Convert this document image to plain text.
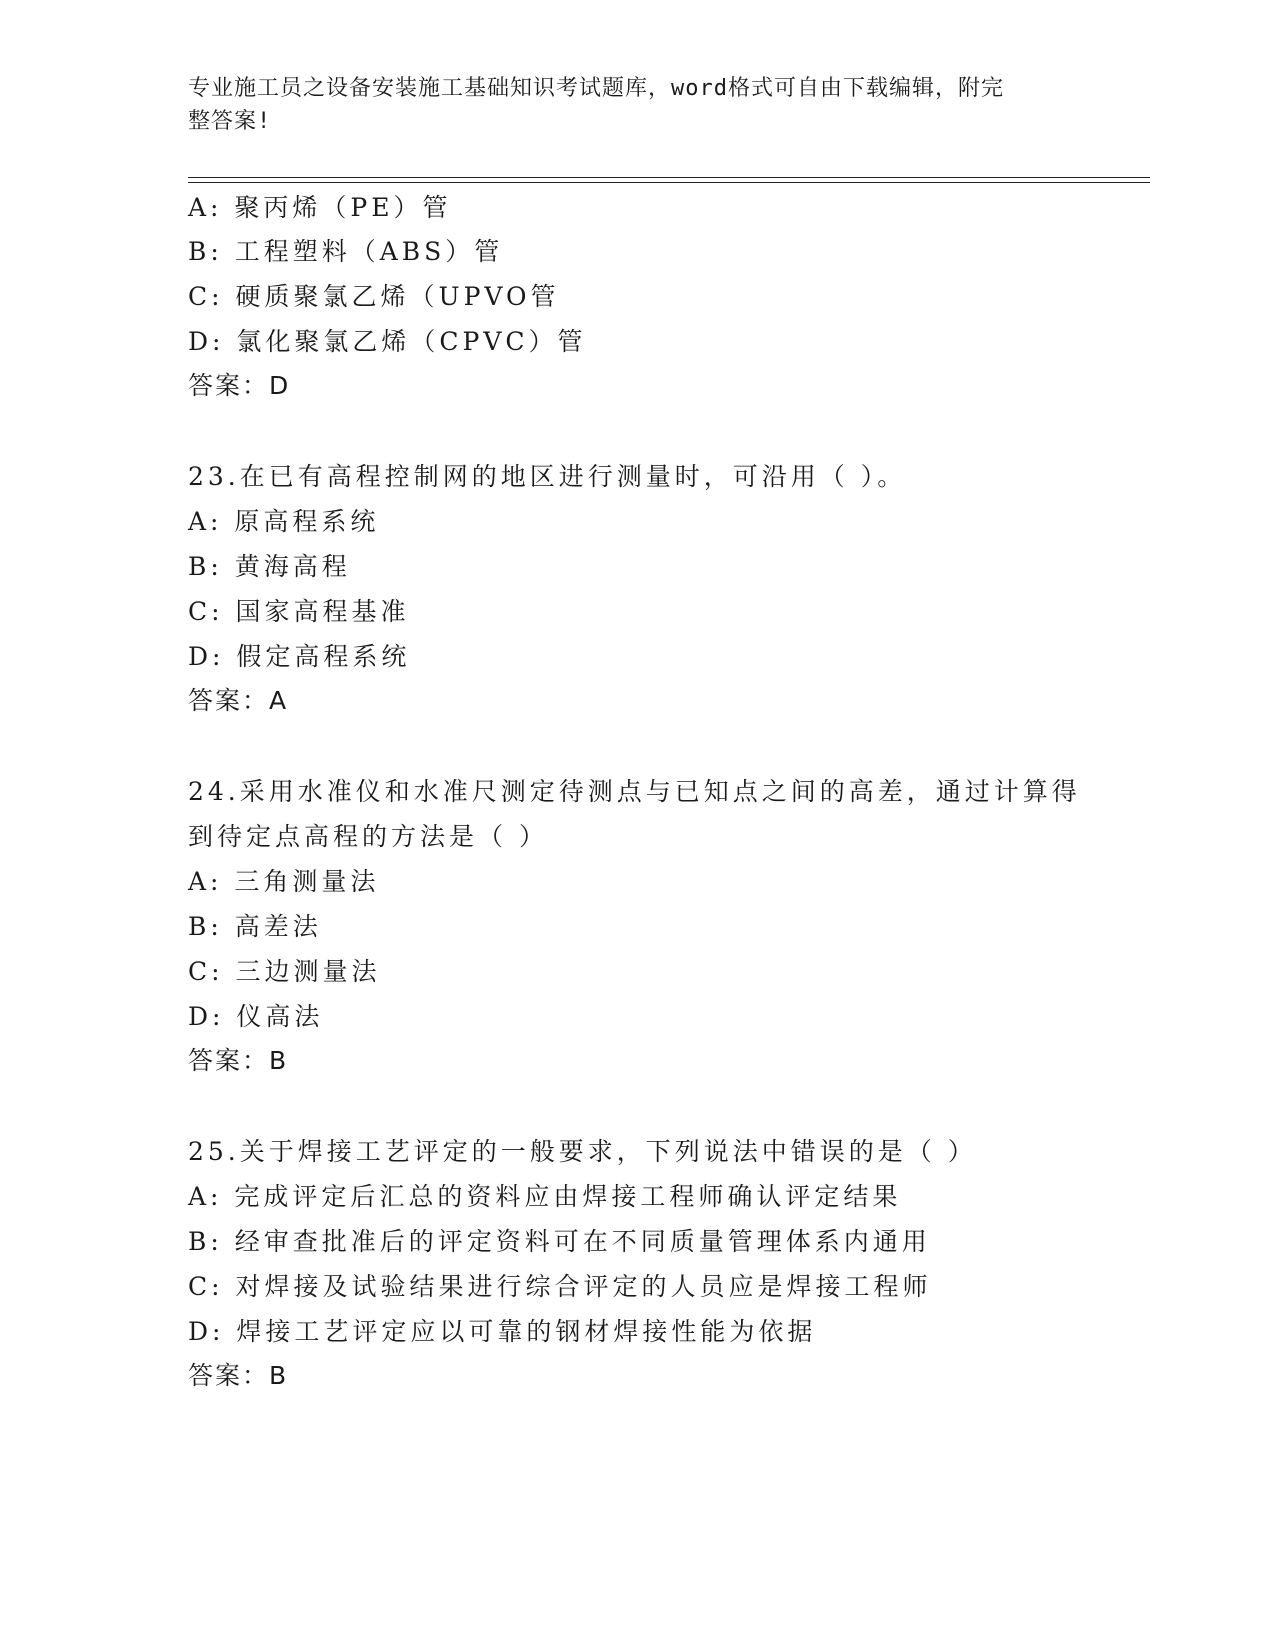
专业施工员之设备安装施工基础知识考试题库，word格式可自由下载编辑，附完
整答案!
A: 聚丙烯（PE）管
B: 工程塑料（ABS）管
C: 硬质聚氯乙烯（UPVO管
D: 氯化聚氯乙烯（CPVC）管
答案：D
23.在已有高程控制网的地区进行测量时，可沿用（ ）。
A: 原高程系统
B: 黄海高程
C: 国家高程基准
D: 假定高程系统
答案：A
24.采用水准仪和水准尺测定待测点与已知点之间的高差，通过计算得
到待定点高程的方法是（ ）
A: 三角测量法
B: 高差法
C: 三边测量法
D: 仪高法
答案：B
25.关于焊接工艺评定的一般要求，下列说法中错误的是（ ）
A: 完成评定后汇总的资料应由焊接工程师确认评定结果
B: 经审查批准后的评定资料可在不同质量管理体系内通用
C: 对焊接及试验结果进行综合评定的人员应是焊接工程师
D: 焊接工艺评定应以可靠的钢材焊接性能为依据
答案：B
